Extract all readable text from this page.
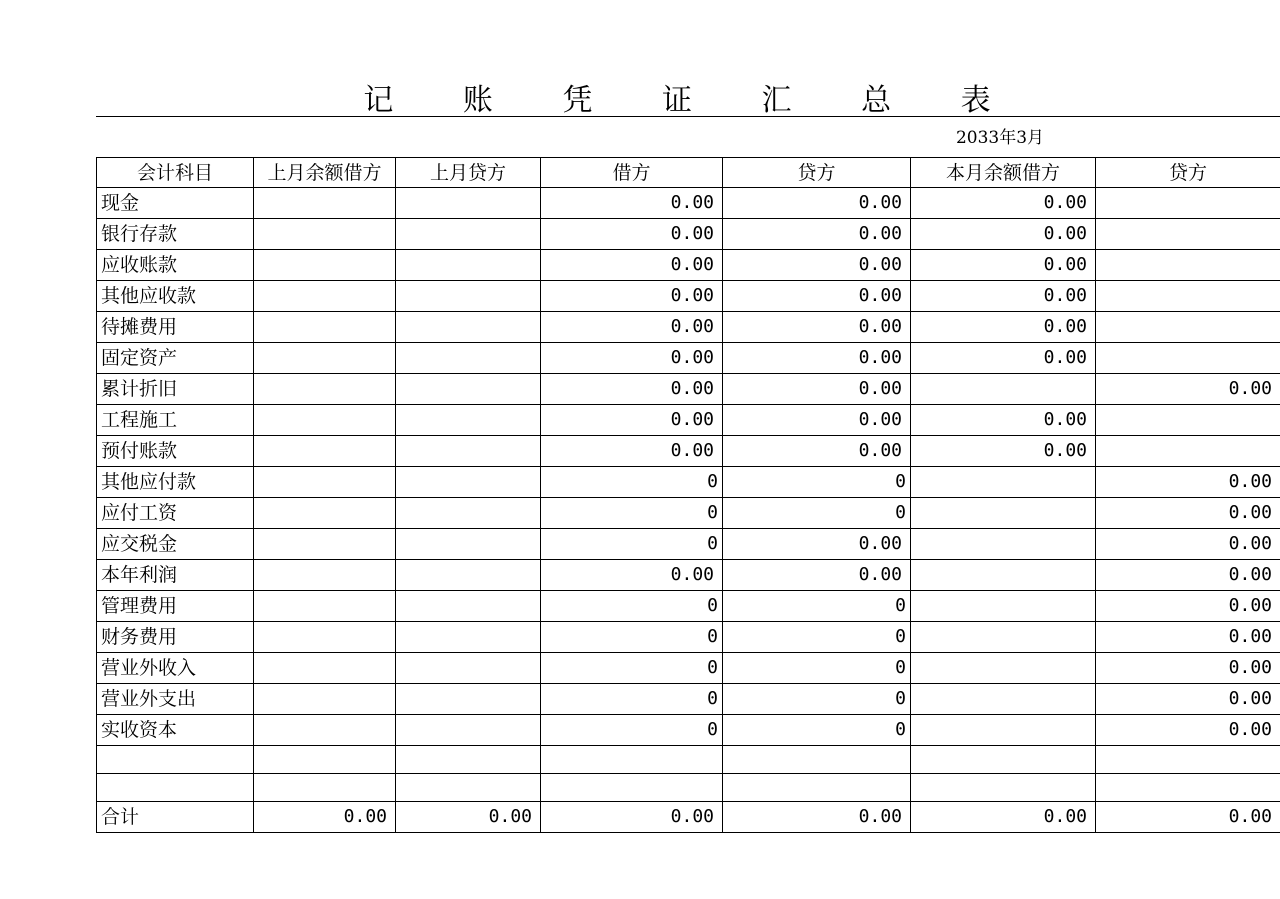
记 账 凭 证 汇 总 表
2033年3月
会计科目	上月余额借方	上月贷方	借方	贷方	本月余额借方	贷方
现金			0.00	0.00	0.00	
银行存款			0.00	0.00	0.00	
应收账款			0.00	0.00	0.00	
其他应收款			0.00	0.00	0.00	
待摊费用			0.00	0.00	0.00	
固定资产			0.00	0.00	0.00	
累计折旧			0.00	0.00		0.00
工程施工			0.00	0.00	0.00	
预付账款			0.00	0.00	0.00	
其他应付款			0	0		0.00
应付工资			0	0		0.00
应交税金			0	0.00		0.00
本年利润			0.00	0.00		0.00
管理费用			0	0		0.00
财务费用			0	0		0.00
营业外收入			0	0		0.00
营业外支出			0	0		0.00
实收资本			0	0		0.00

合计	0.00	0.00	0.00	0.00	0.00	0.00
